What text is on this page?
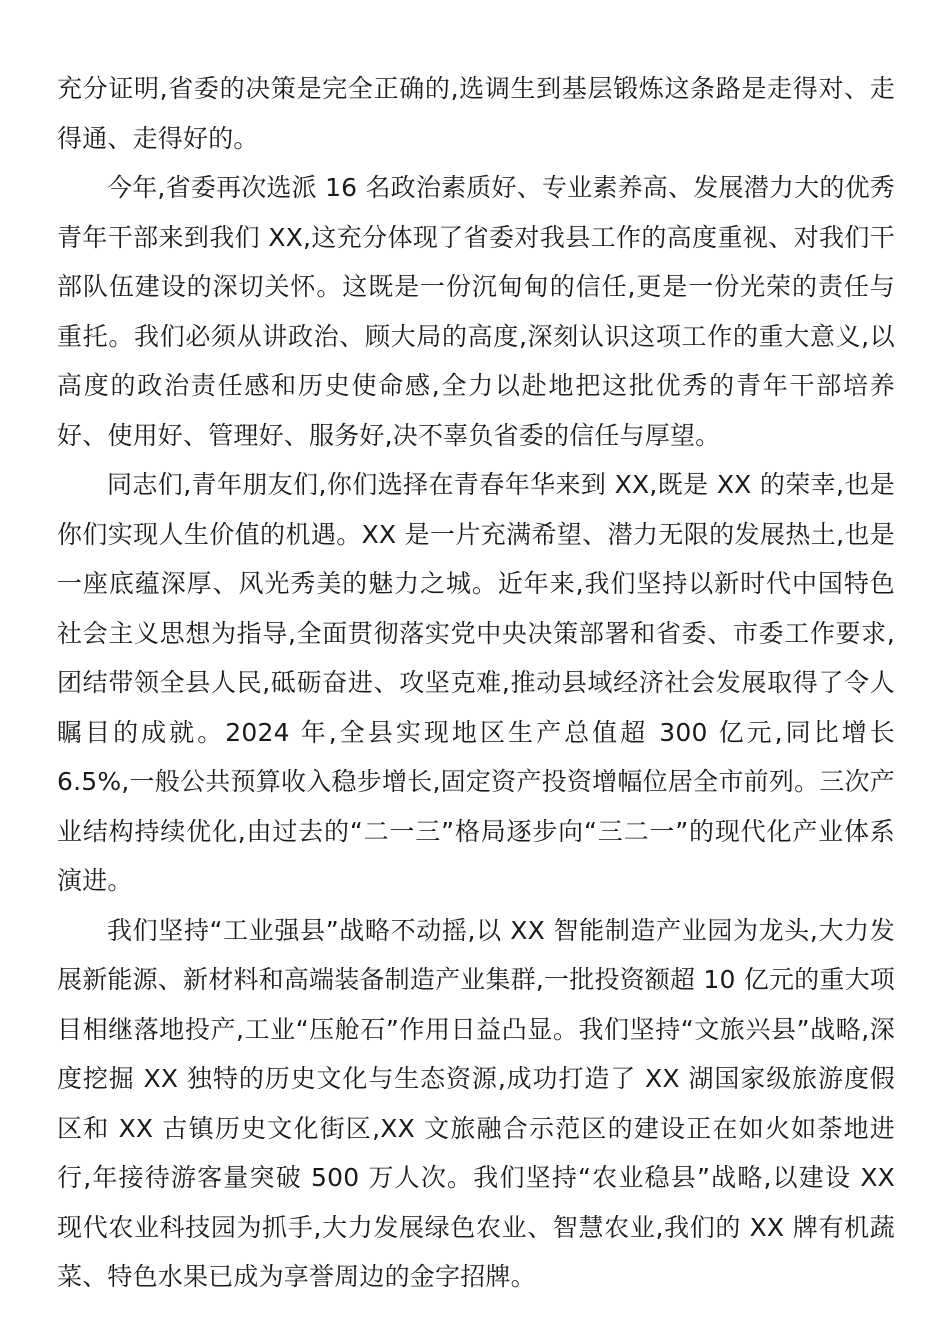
充分证明,省委的决策是完全正确的,选调生到基层锻炼这条路是走得对、走得通、走得好的。

今年,省委再次选派 16 名政治素质好、专业素养高、发展潜力大的优秀青年干部来到我们 XX,这充分体现了省委对我县工作的高度重视、对我们干部队伍建设的深切关怀。这既是一份沉甸甸的信任,更是一份光荣的责任与重托。我们必须从讲政治、顾大局的高度,深刻认识这项工作的重大意义,以高度的政治责任感和历史使命感,全力以赴地把这批优秀的青年干部培养好、使用好、管理好、服务好,决不辜负省委的信任与厚望。

同志们,青年朋友们,你们选择在青春年华来到 XX,既是 XX 的荣幸,也是你们实现人生价值的机遇。XX 是一片充满希望、潜力无限的发展热土,也是一座底蕴深厚、风光秀美的魅力之城。近年来,我们坚持以新时代中国特色社会主义思想为指导,全面贯彻落实党中央决策部署和省委、市委工作要求,团结带领全县人民,砥砺奋进、攻坚克难,推动县域经济社会发展取得了令人瞩目的成就。2024 年,全县实现地区生产总值超 300 亿元,同比增长 6.5%,一般公共预算收入稳步增长,固定资产投资增幅位居全市前列。三次产业结构持续优化,由过去的“二一三”格局逐步向“三二一”的现代化产业体系演进。

我们坚持“工业强县”战略不动摇,以 XX 智能制造产业园为龙头,大力发展新能源、新材料和高端装备制造产业集群,一批投资额超 10 亿元的重大项目相继落地投产,工业“压舱石”作用日益凸显。我们坚持“文旅兴县”战略,深度挖掘 XX 独特的历史文化与生态资源,成功打造了 XX 湖国家级旅游度假区和 XX 古镇历史文化街区,XX 文旅融合示范区的建设正在如火如荼地进行,年接待游客量突破 500 万人次。我们坚持“农业稳县”战略,以建设 XX 现代农业科技园为抓手,大力发展绿色农业、智慧农业,我们的 XX 牌有机蔬菜、特色水果已成为享誉周边的金字招牌。
